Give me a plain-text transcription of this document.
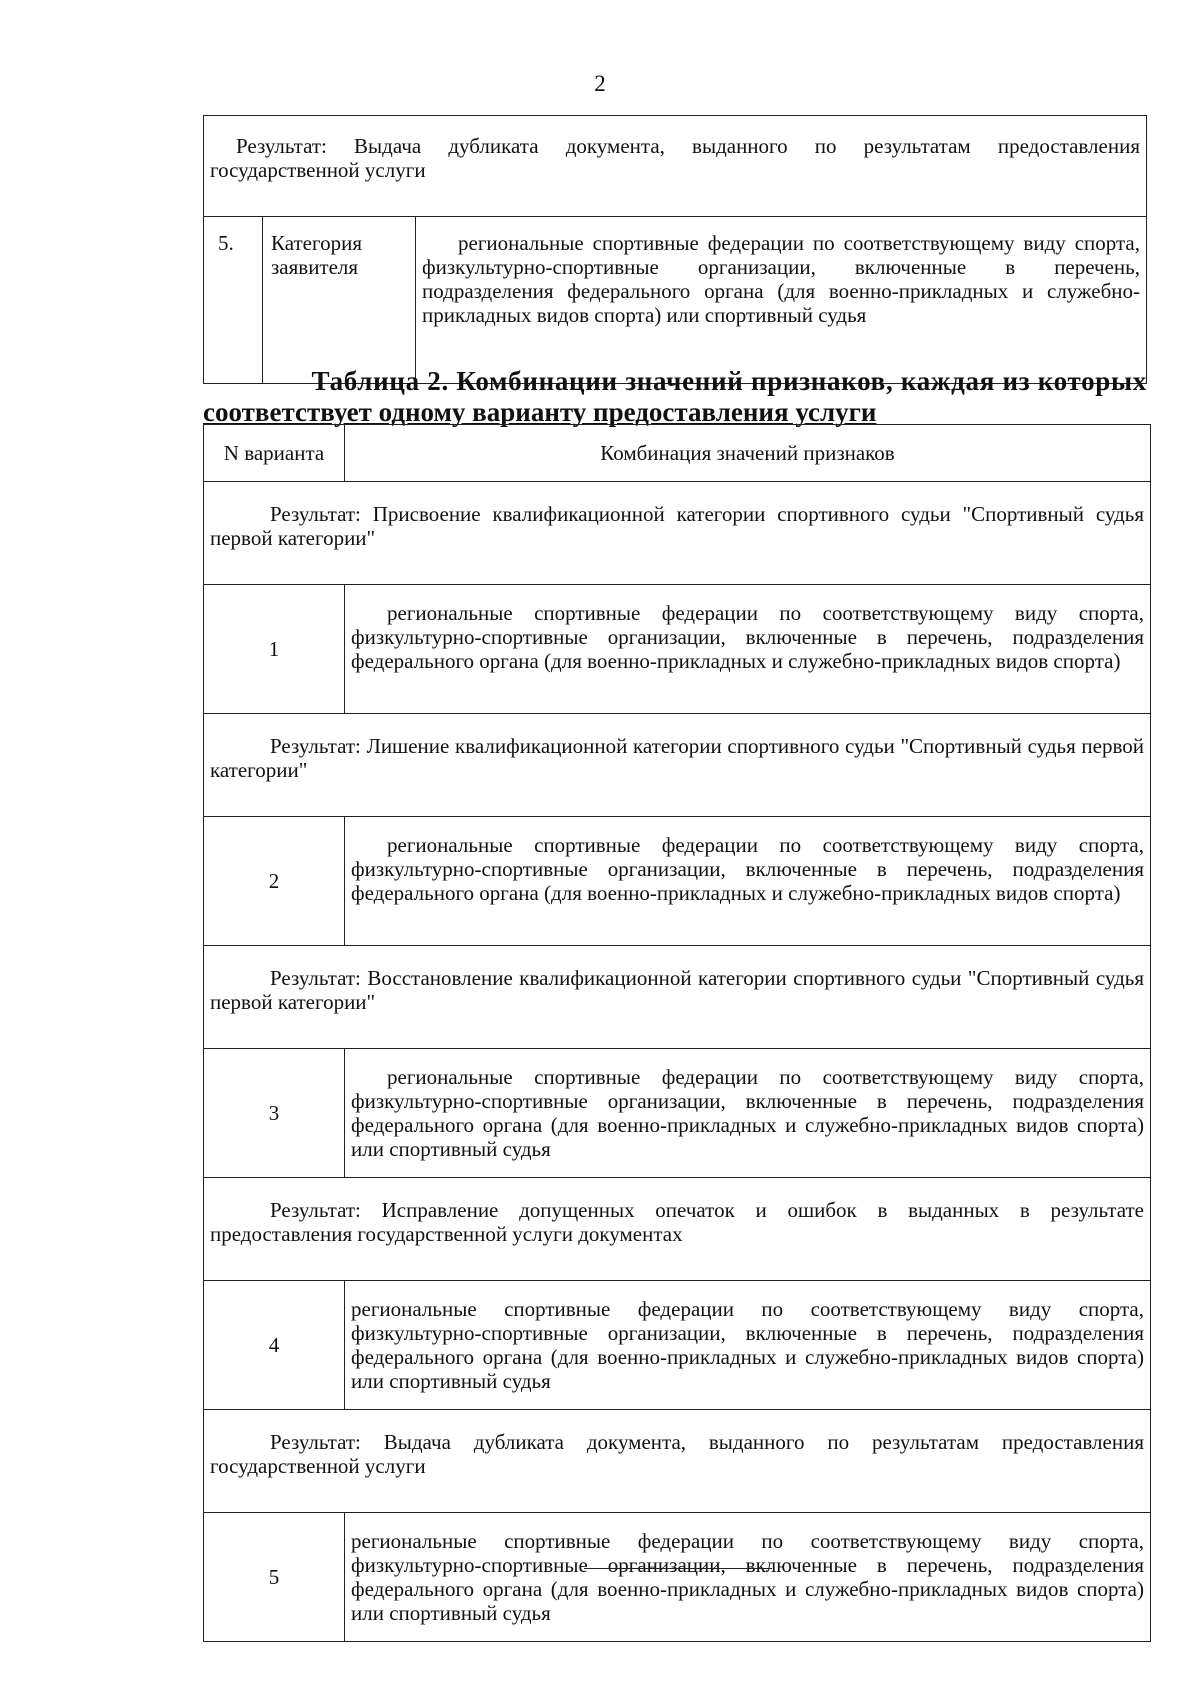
2
Результат: Выдача дубликата документа, выданного по результатам предоставления государственной услуги
5.	Категория заявителя	региональные спортивные федерации по соответствующему виду спорта, физкультурно-спортивные организации, включенные в перечень, подразделения федерального органа (для военно-прикладных и служебно-прикладных видов спорта) или спортивный судья
Таблица 2. Комбинации значений признаков, каждая из которых
соответствует одному варианту предоставления услуги
N варианта	Комбинация значений признаков
Результат: Присвоение квалификационной категории спортивного судьи "Спортивный судья первой категории"	
1	региональные спортивные федерации по соответствующему виду спорта, физкультурно-спортивные организации, включенные в перечень, подразделения федерального органа (для военно-прикладных и служебно-прикладных видов спорта)
Результат: Лишение квалификационной категории спортивного судьи "Спортивный судья первой категории"	
2	региональные спортивные федерации по соответствующему виду спорта, физкультурно-спортивные организации, включенные в перечень, подразделения федерального органа (для военно-прикладных и служебно-прикладных видов спорта)
Результат: Восстановление квалификационной категории спортивного судьи "Спортивный судья первой категории"	
3	региональные спортивные федерации по соответствующему виду спорта, физкультурно-спортивные организации, включенные в перечень, подразделения федерального органа (для военно-прикладных и служебно-прикладных видов спорта) или спортивный судья
Результат: Исправление допущенных опечаток и ошибок в выданных в результате предоставления государственной услуги документах	
4	региональные спортивные федерации по соответствующему виду спорта, физкультурно-спортивные организации, включенные в перечень, подразделения федерального органа (для военно-прикладных и служебно-прикладных видов спорта) или спортивный судья
Результат: Выдача дубликата документа, выданного по результатам предоставления государственной услуги	
5	региональные спортивные федерации по соответствующему виду спорта, физкультурно-спортивные организации, включенные в перечень, подразделения федерального органа (для военно-прикладных и служебно-прикладных видов спорта) или спортивный судья
